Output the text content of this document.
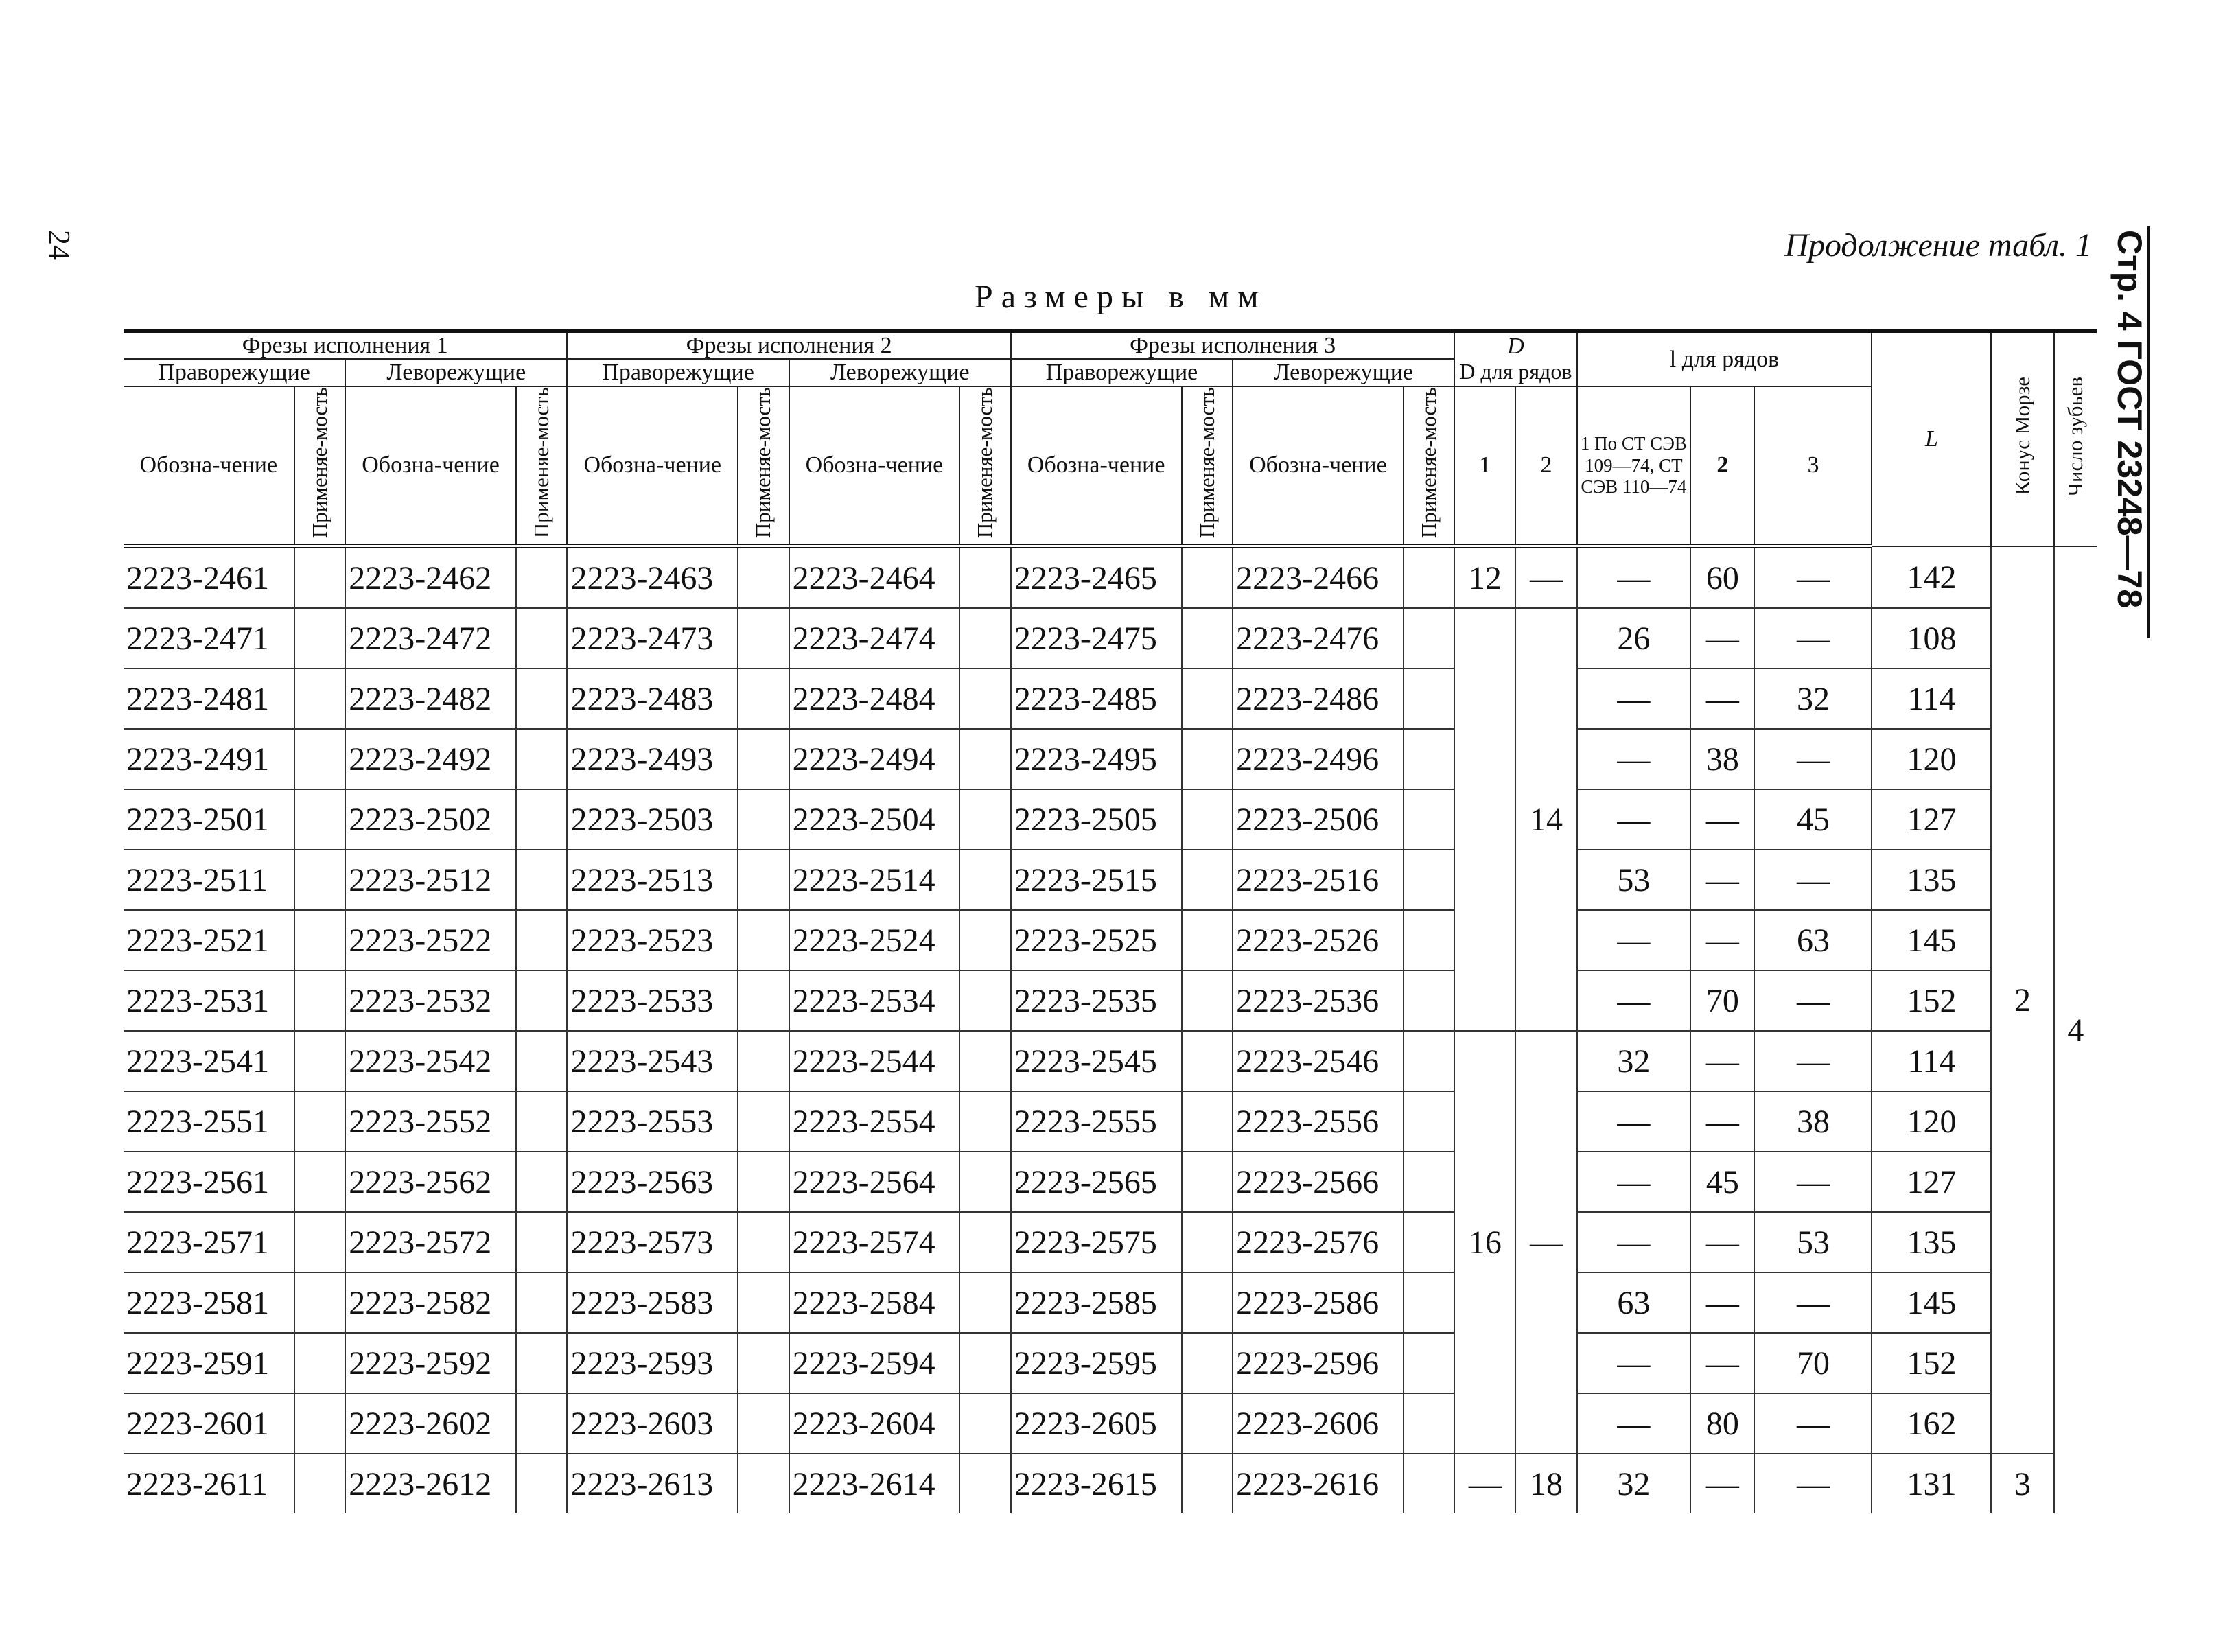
24	Стр. 4 ГОСТ 23248—78
Продолжение табл. 1
Размеры в мм
Фрезы исполнения 1				Фрезы исполнения 2				Фрезы исполнения 3				D
D для рядов		l для рядов			L	Конус Морзе	Число зубьев
Праворежущие		Леворежущие		Праворежущие		Леворежущие		Праворежущие		Леворежущие									
Обозна-чение	Применяе-мость	Обозна-чение	Применяе-мость	Обозна-чение	Применяе-мость	Обозна-чение	Применяе-мость	Обозна-чение	Применяе-мость	Обозна-чение	Применяе-мость	1	2	1 По СТ СЭВ 109—74, СТ СЭВ 110—74	2	3			
2223-2461		2223-2462		2223-2463		2223-2464		2223-2465		2223-2466		12	—	—	60	—	142	2	4
2223-2471		2223-2472		2223-2473		2223-2474		2223-2475		2223-2476			14	26	—	—	108		
2223-2481		2223-2482		2223-2483		2223-2484		2223-2485		2223-2486				—	—	32	114		
2223-2491		2223-2492		2223-2493		2223-2494		2223-2495		2223-2496				—	38	—	120		
2223-2501		2223-2502		2223-2503		2223-2504		2223-2505		2223-2506				—	—	45	127		
2223-2511		2223-2512		2223-2513		2223-2514		2223-2515		2223-2516				53	—	—	135		
2223-2521		2223-2522		2223-2523		2223-2524		2223-2525		2223-2526				—	—	63	145		
2223-2531		2223-2532		2223-2533		2223-2534		2223-2535		2223-2536				—	70	—	152		
2223-2541		2223-2542		2223-2543		2223-2544		2223-2545		2223-2546		16	—	32	—	—	114		
2223-2551		2223-2552		2223-2553		2223-2554		2223-2555		2223-2556				—	—	38	120		
2223-2561		2223-2562		2223-2563		2223-2564		2223-2565		2223-2566				—	45	—	127		
2223-2571		2223-2572		2223-2573		2223-2574		2223-2575		2223-2576				—	—	53	135		
2223-2581		2223-2582		2223-2583		2223-2584		2223-2585		2223-2586				63	—	—	145		
2223-2591		2223-2592		2223-2593		2223-2594		2223-2595		2223-2596				—	—	70	152		
2223-2601		2223-2602		2223-2603		2223-2604		2223-2605		2223-2606				—	80	—	162		
2223-2611		2223-2612		2223-2613		2223-2614		2223-2615		2223-2616		—	18	32	—	—	131	3	
